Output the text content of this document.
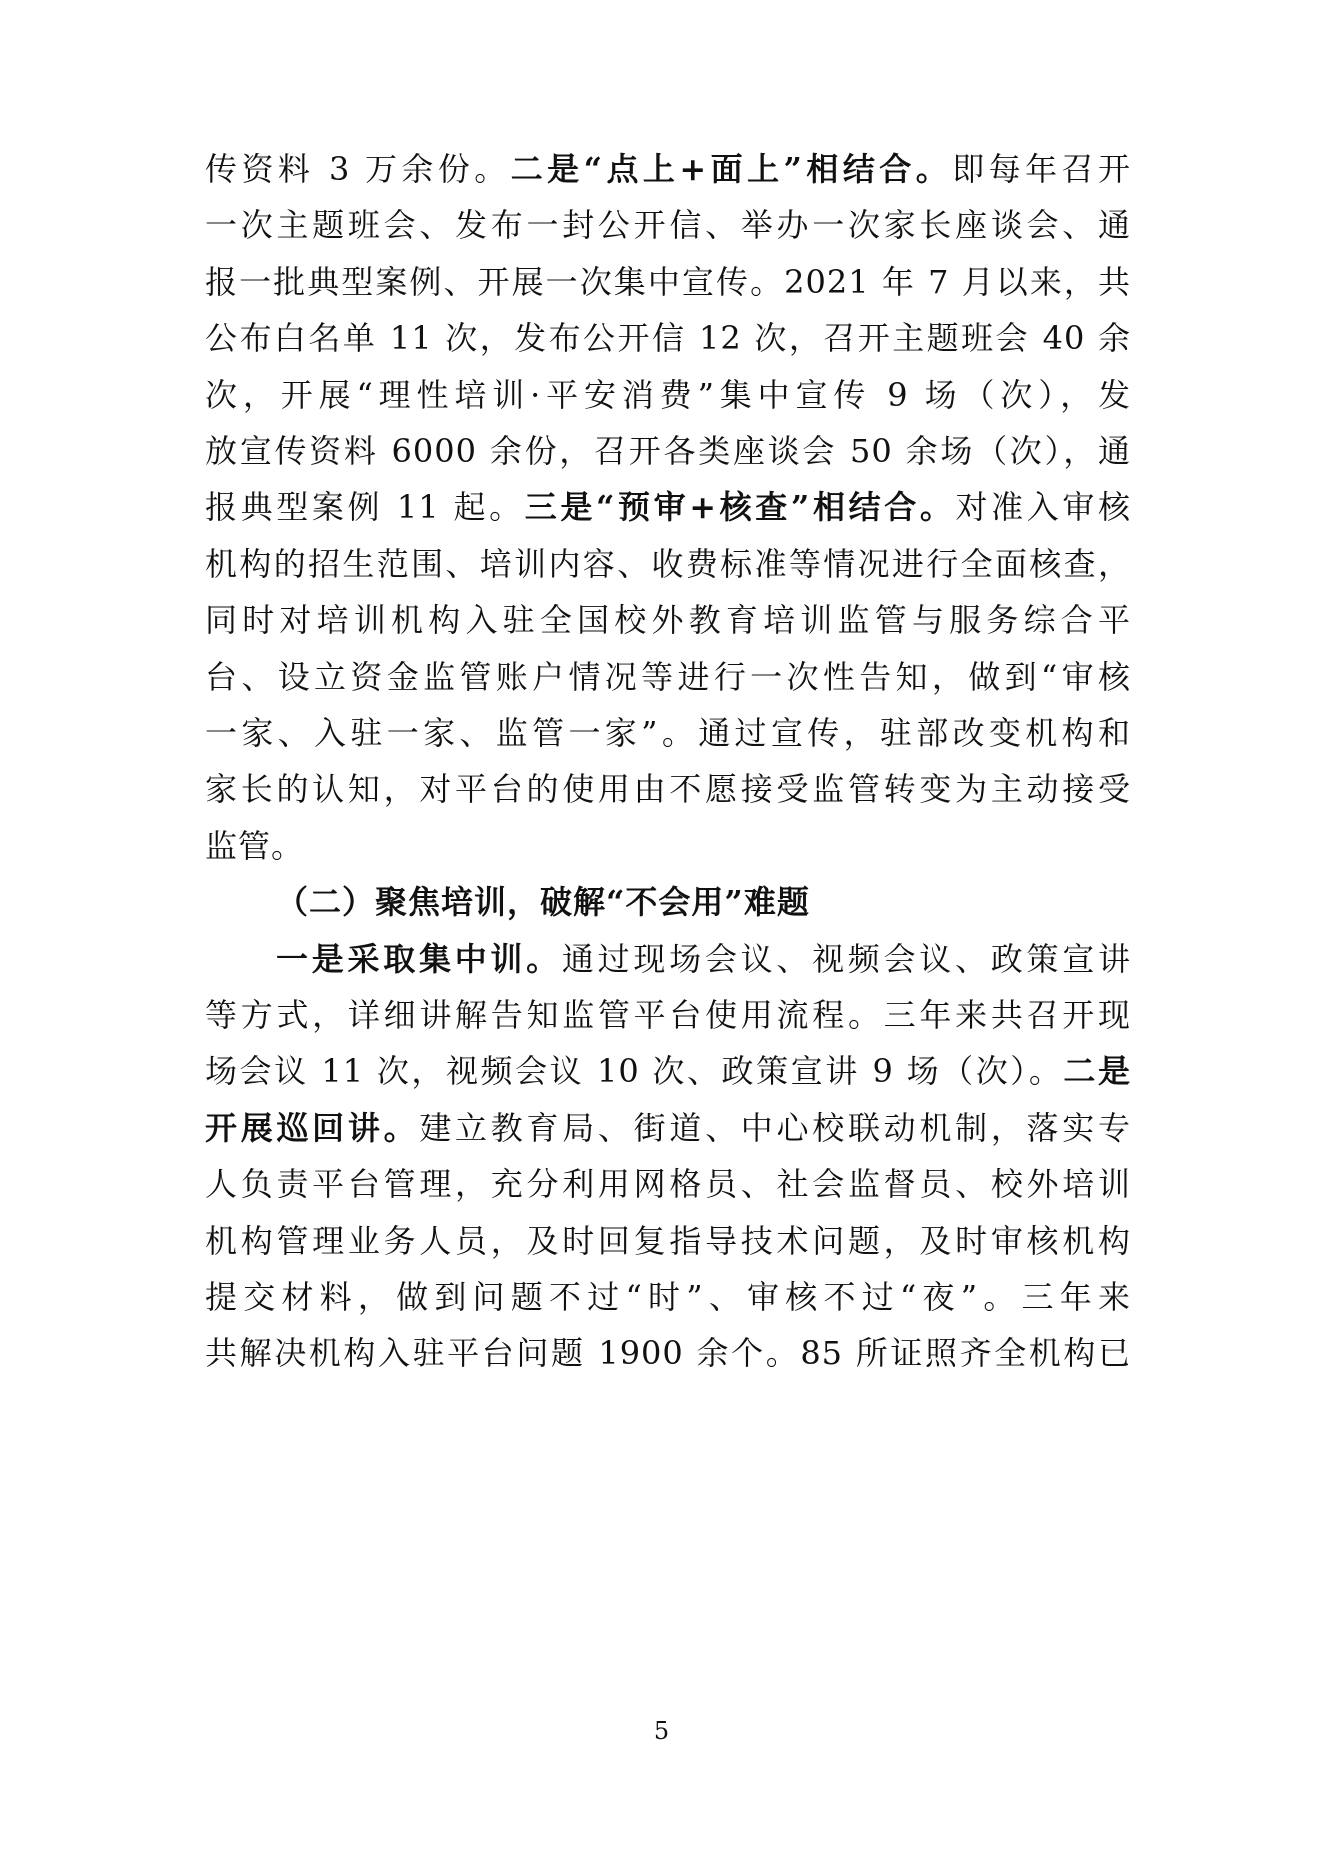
传资料 3 万余份。二是“点上+面上”相结合。即每年召开
一次主题班会、发布一封公开信、举办一次家长座谈会、通
报一批典型案例、开展一次集中宣传。2021 年 7 月以来，共
公布白名单 11 次，发布公开信 12 次，召开主题班会 40 余
次，开展“理性培训·平安消费”集中宣传 9 场（次），发
放宣传资料 6000 余份，召开各类座谈会 50 余场（次），通
报典型案例 11 起。三是“预审+核查”相结合。对准入审核
机构的招生范围、培训内容、收费标准等情况进行全面核查，
同时对培训机构入驻全国校外教育培训监管与服务综合平
台、设立资金监管账户情况等进行一次性告知，做到“审核
一家、入驻一家、监管一家”。通过宣传，驻部改变机构和
家长的认知，对平台的使用由不愿接受监管转变为主动接受
监管。
（二）聚焦培训，破解“不会用”难题
一是采取集中训。通过现场会议、视频会议、政策宣讲
等方式，详细讲解告知监管平台使用流程。三年来共召开现
场会议 11 次，视频会议 10 次、政策宣讲 9 场（次）。二是
开展巡回讲。建立教育局、街道、中心校联动机制，落实专
人负责平台管理，充分利用网格员、社会监督员、校外培训
机构管理业务人员，及时回复指导技术问题，及时审核机构
提交材料，做到问题不过“时”、审核不过“夜”。三年来
共解决机构入驻平台问题 1900 余个。85 所证照齐全机构已
5
